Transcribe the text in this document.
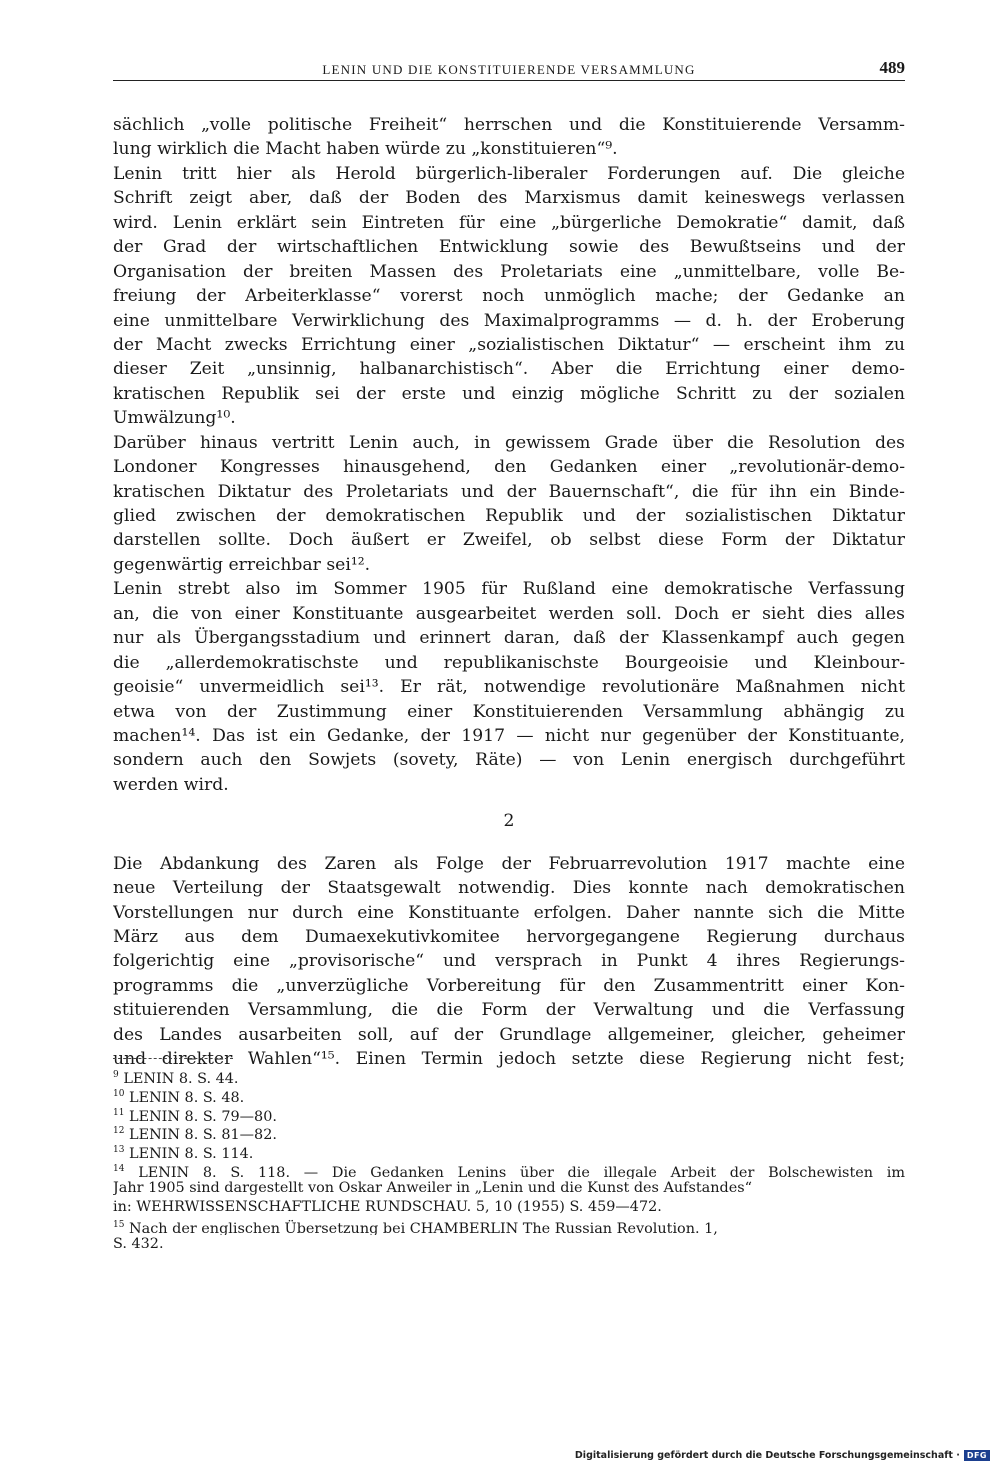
LENIN UND DIE KONSTITUIERENDE VERSAMMLUNG	489
sächlich „volle politische Freiheit“ herrschen und die Konstituierende Versamm-
lung wirklich die Macht haben würde zu „konstituieren“⁹.
Lenin tritt hier als Herold bürgerlich-liberaler Forderungen auf. Die gleiche
Schrift zeigt aber, daß der Boden des Marxismus damit keineswegs verlassen
wird. Lenin erklärt sein Eintreten für eine „bürgerliche Demokratie“ damit, daß
der Grad der wirtschaftlichen Entwicklung sowie des Bewußtseins und der
Organisation der breiten Massen des Proletariats eine „unmittelbare, volle Be-
freiung der Arbeiterklasse“ vorerst noch unmöglich mache; der Gedanke an
eine unmittelbare Verwirklichung des Maximalprogramms — d. h. der Eroberung
der Macht zwecks Errichtung einer „sozialistischen Diktatur“ — erscheint ihm zu
dieser Zeit „unsinnig, halbanarchistisch“. Aber die Errichtung einer demo-
kratischen Republik sei der erste und einzig mögliche Schritt zu der sozialen
Umwälzung¹⁰.
Darüber hinaus vertritt Lenin auch, in gewissem Grade über die Resolution des
Londoner Kongresses hinausgehend, den Gedanken einer „revolutionär-demo-
kratischen Diktatur des Proletariats und der Bauernschaft“, die für ihn ein Binde-
glied zwischen der demokratischen Republik und der sozialistischen Diktatur
darstellen sollte. Doch äußert er Zweifel, ob selbst diese Form der Diktatur
gegenwärtig erreichbar sei¹².
Lenin strebt also im Sommer 1905 für Rußland eine demokratische Verfassung
an, die von einer Konstituante ausgearbeitet werden soll. Doch er sieht dies alles
nur als Übergangsstadium und erinnert daran, daß der Klassenkampf auch gegen
die „allerdemokratischste und republikanischste Bourgeoisie und Kleinbour-
geoisie“ unvermeidlich sei¹³. Er rät, notwendige revolutionäre Maßnahmen nicht
etwa von der Zustimmung einer Konstituierenden Versammlung abhängig zu
machen¹⁴. Das ist ein Gedanke, der 1917 — nicht nur gegenüber der Konstituante,
sondern auch den Sowjets (sovety, Räte) — von Lenin energisch durchgeführt
werden wird.
2
Die Abdankung des Zaren als Folge der Februarrevolution 1917 machte eine
neue Verteilung der Staatsgewalt notwendig. Dies konnte nach demokratischen
Vorstellungen nur durch eine Konstituante erfolgen. Daher nannte sich die Mitte
März aus dem Dumaexekutivkomitee hervorgegangene Regierung durchaus
folgerichtig eine „provisorische“ und versprach in Punkt 4 ihres Regierungs-
programms die „unverzügliche Vorbereitung für den Zusammentritt einer Kon-
stituierenden Versammlung, die die Form der Verwaltung und die Verfassung
des Landes ausarbeiten soll, auf der Grundlage allgemeiner, gleicher, geheimer
und direkter Wahlen“¹⁵. Einen Termin jedoch setzte diese Regierung nicht fest;
$^9$ LENIN 8. S. 44.
$^{10}$ LENIN 8. S. 48.
$^{11}$ LENIN 8. S. 79—80.
$^{12}$ LENIN 8. S. 81—82.
$^{13}$ LENIN 8. S. 114.
$^{14}$ LENIN 8. S. 118. — Die Gedanken Lenins über die illegale Arbeit der Bolschewisten im
Jahr 1905 sind dargestellt von Oskar Anweiler in „Lenin und die Kunst des Aufstandes“
in: WEHRWISSENSCHAFTLICHE RUNDSCHAU. 5, 10 (1955) S. 459—472.
$^{15}$ Nach der englischen Übersetzung bei CHAMBERLIN The Russian Revolution. 1,
S. 432.
Digitalisierung gefördert durch die Deutsche Forschungsgemeinschaft · DFG
